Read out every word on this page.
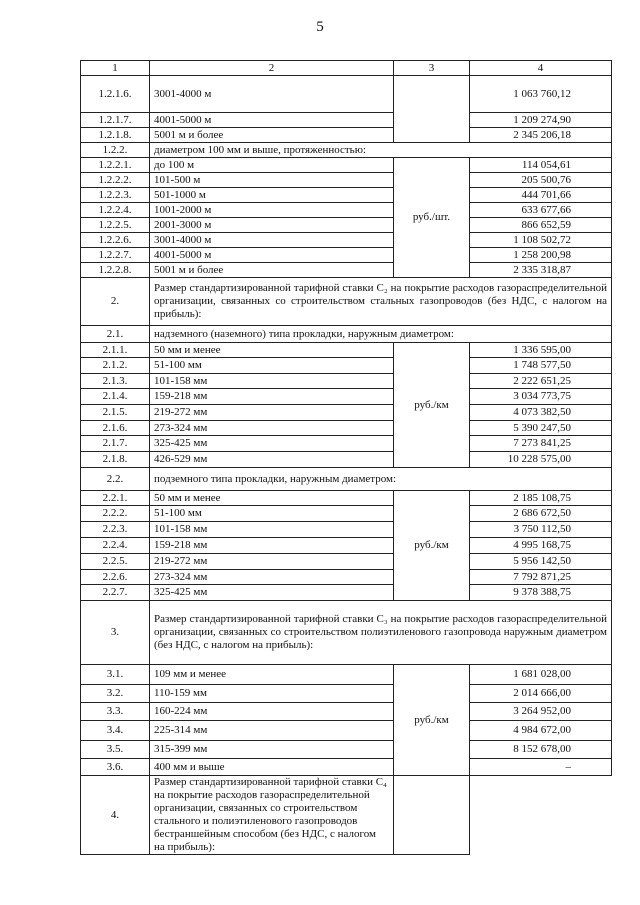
5
1	2	3	4
1.2.1.6.	3001-4000 м		1 063 760,12
1.2.1.7.	4001-5000 м		1 209 274,90
1.2.1.8.	5001 м и более		2 345 206,18
1.2.2.	диаметром 100 мм и выше, протяженностью:		
1.2.2.1.	до 100 м	руб./шт.	114 054,61
1.2.2.2.	101-500 м		205 500,76
1.2.2.3.	501-1000 м		444 701,66
1.2.2.4.	1001-2000 м		633 677,66
1.2.2.5.	2001-3000 м		866 652,59
1.2.2.6.	3001-4000 м		1 108 502,72
1.2.2.7.	4001-5000 м		1 258 200,98
1.2.2.8.	5001 м и более		2 335 318,87
2.	Размер стандартизированной тарифной ставки С₂ на покрытие расходов газораспределительной организации, связанных со строительством стальных газопроводов (без НДС, с налогом на прибыль):		
2.1.	надземного (наземного) типа прокладки, наружным диаметром:		
2.1.1.	50 мм и менее	руб./км	1 336 595,00
2.1.2.	51-100 мм		1 748 577,50
2.1.3.	101-158 мм		2 222 651,25
2.1.4.	159-218 мм		3 034 773,75
2.1.5.	219-272 мм		4 073 382,50
2.1.6.	273-324 мм		5 390 247,50
2.1.7.	325-425 мм		7 273 841,25
2.1.8.	426-529 мм		10 228 575,00
2.2.	подземного типа прокладки, наружным диаметром:		
2.2.1.	50 мм и менее	руб./км	2 185 108,75
2.2.2.	51-100 мм		2 686 672,50
2.2.3.	101-158 мм		3 750 112,50
2.2.4.	159-218 мм		4 995 168,75
2.2.5.	219-272 мм		5 956 142,50
2.2.6.	273-324 мм		7 792 871,25
2.2.7.	325-425 мм		9 378 388,75
3.	Размер стандартизированной тарифной ставки С₃ на покрытие расходов газораспределительной организации, связанных со строительством полиэтиленового газопровода наружным диаметром (без НДС, с налогом на прибыль):		
3.1.	109 мм и менее	руб./км	1 681 028,00
3.2.	110-159 мм		2 014 666,00
3.3.	160-224 мм		3 264 952,00
3.4.	225-314 мм		4 984 672,00
3.5.	315-399 мм		8 152 678,00
3.6.	400 мм и выше		–
4.	Размер стандартизированной тарифной ставки С₄ на покрытие расходов газораспределительной организации, связанных со строительством стального и полиэтиленового газопроводов бестраншейным способом (без НДС, с налогом на прибыль):		
